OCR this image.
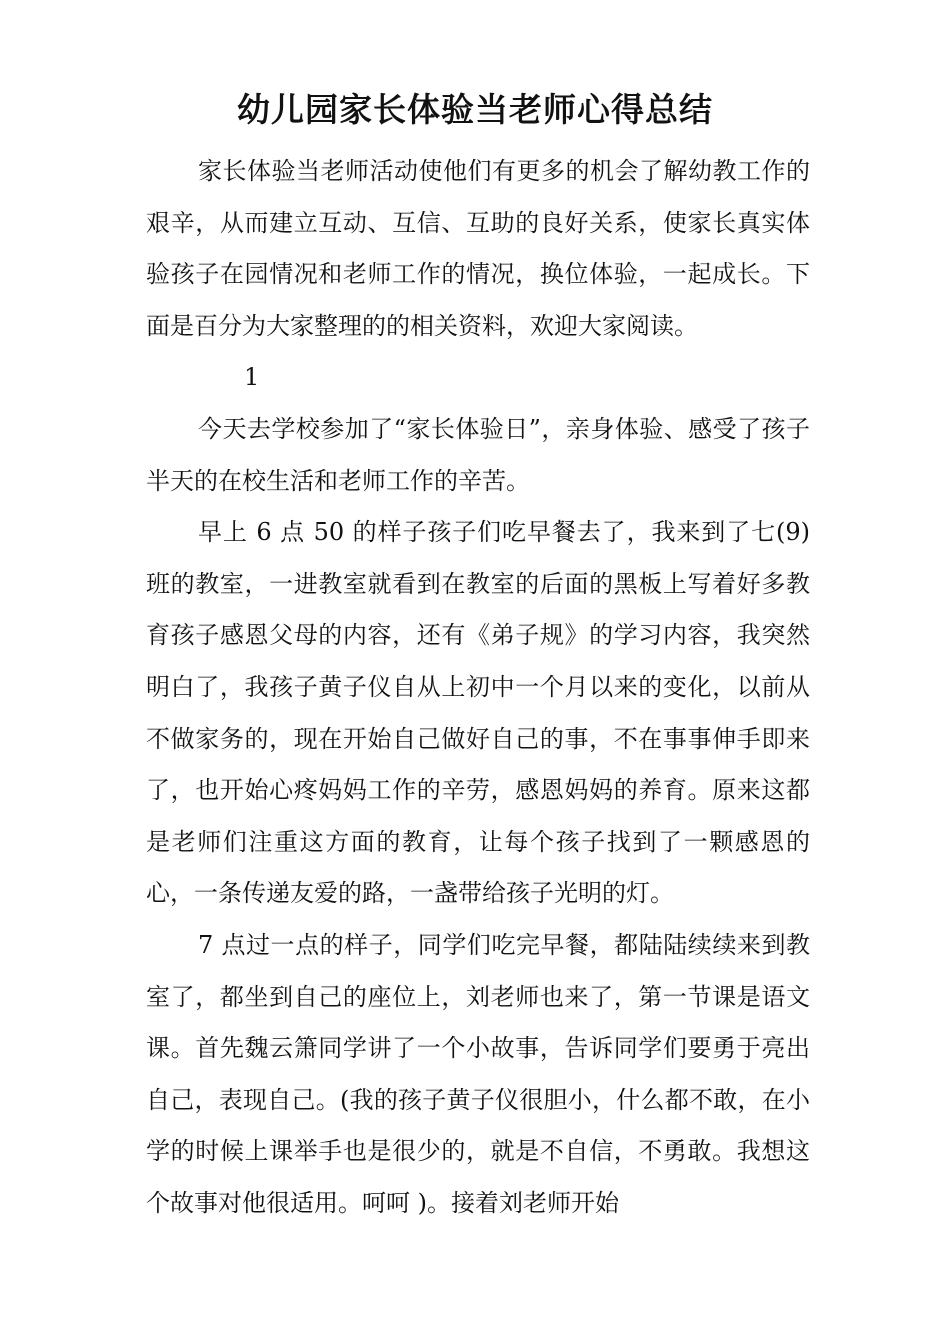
幼儿园家长体验当老师心得总结

家长体验当老师活动使他们有更多的机会了解幼教工作的艰辛，从而建立互动、互信、互助的良好关系，使家长真实体验孩子在园情况和老师工作的情况，换位体验，一起成长。下面是百分为大家整理的的相关资料，欢迎大家阅读。

1

今天去学校参加了“家长体验日”，亲身体验、感受了孩子半天的在校生活和老师工作的辛苦。

早上 6 点 50 的样子孩子们吃早餐去了，我来到了七(9)班的教室，一进教室就看到在教室的后面的黑板上写着好多教育孩子感恩父母的内容，还有《弟子规》的学习内容，我突然明白了，我孩子黄子仪自从上初中一个月以来的变化，以前从不做家务的，现在开始自己做好自己的事，不在事事伸手即来了，也开始心疼妈妈工作的辛劳，感恩妈妈的养育。原来这都是老师们注重这方面的教育，让每个孩子找到了一颗感恩的心，一条传递友爱的路，一盏带给孩子光明的灯。

7 点过一点的样子，同学们吃完早餐，都陆陆续续来到教室了，都坐到自己的座位上，刘老师也来了，第一节课是语文课。首先魏云箫同学讲了一个小故事，告诉同学们要勇于亮出自己，表现自己。(我的孩子黄子仪很胆小，什么都不敢，在小学的时候上课举手也是很少的，就是不自信，不勇敢。我想这个故事对他很适用。呵呵 )。接着刘老师开始
